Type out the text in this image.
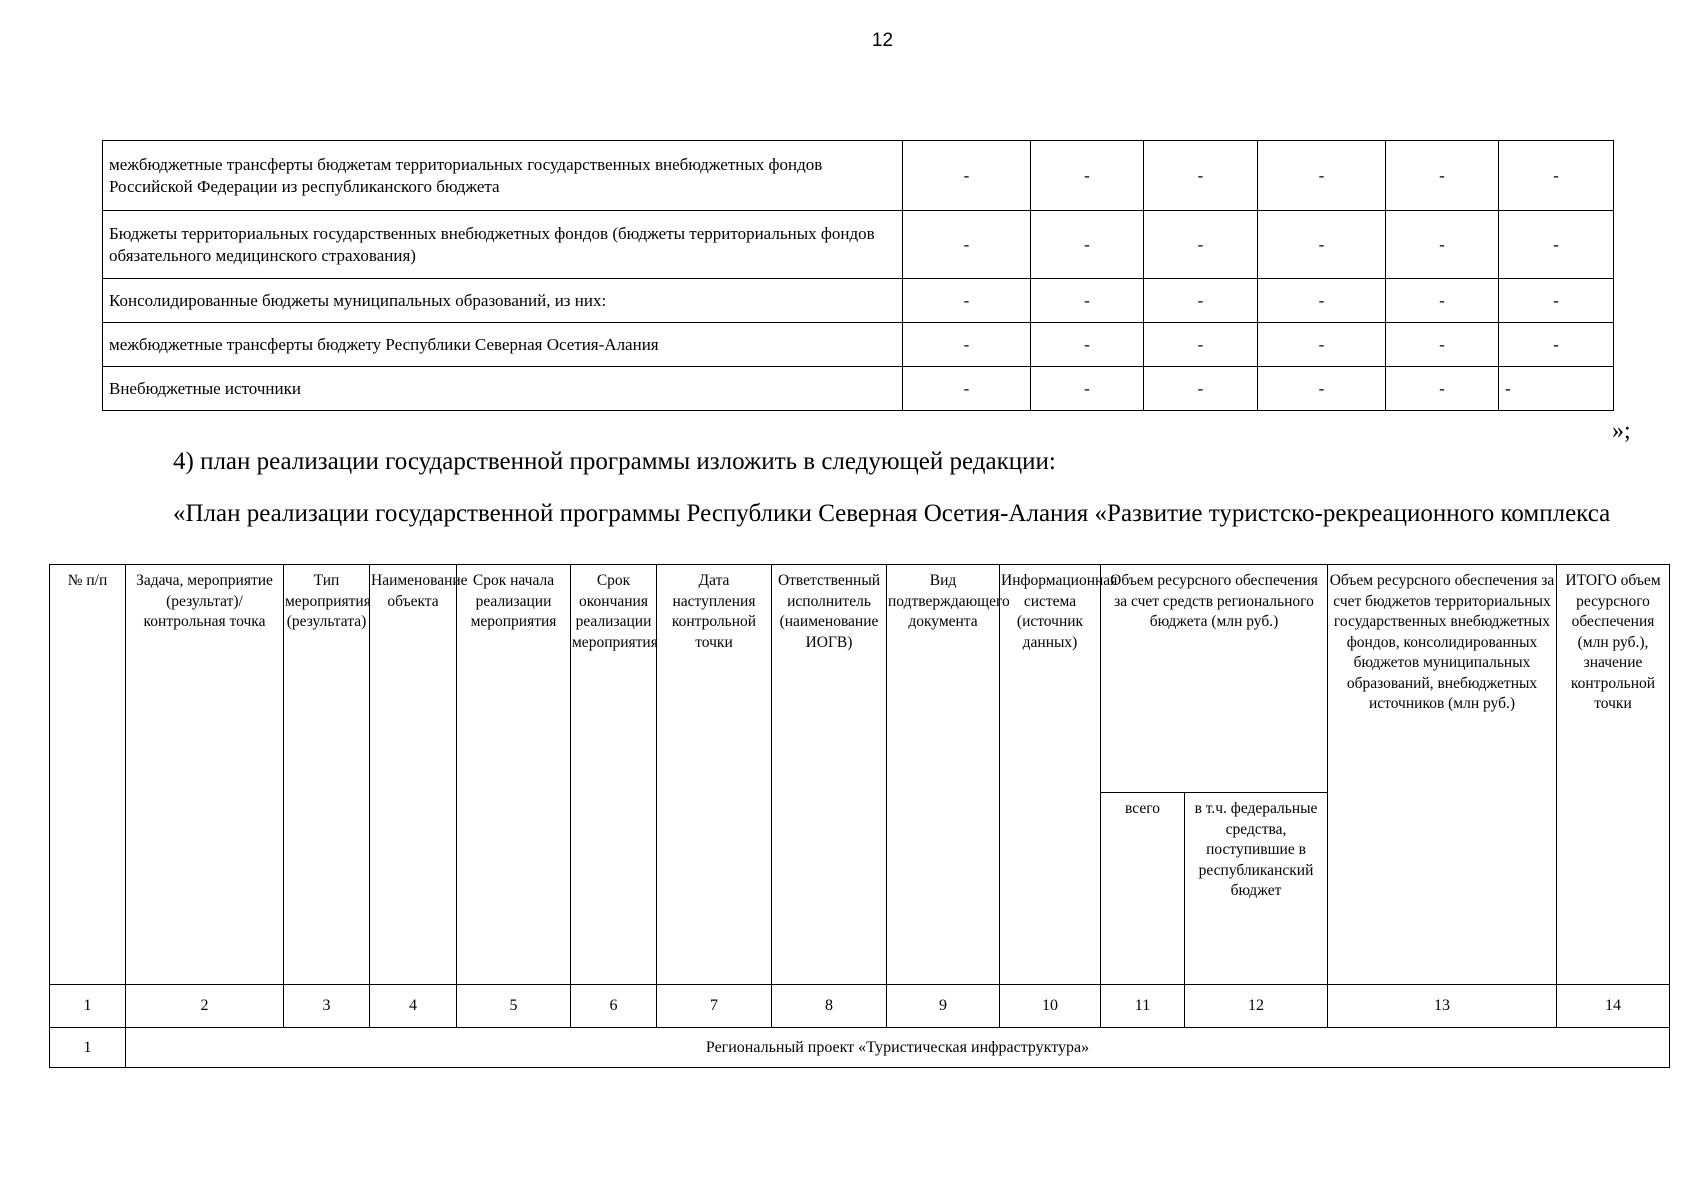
12
межбюджетные трансферты бюджетам территориальных государственных внебюджетных фондов Российской Федерации из республиканского бюджета	-	-	-	-	-	-
Бюджеты территориальных государственных внебюджетных фондов (бюджеты территориальных фондов обязательного медицинского страхования)	-	-	-	-	-	-
Консолидированные бюджеты муниципальных образований, из них:	-	-	-	-	-	-
межбюджетные трансферты бюджету Республики Северная Осетия-Алания	-	-	-	-	-	-
Внебюджетные источники	-	-	-	-	-	-
»;
4) план реализации государственной программы изложить в следующей редакции:

«План реализации государственной программы Республики Северная Осетия-Алания «Развитие туристско-рекреационного комплекса

№ п/п	Задача, мероприятие (результат)/ контрольная точка	Тип мероприятия (результата)	Наименование объекта	Срок начала реализации мероприятия	Срок окончания реализации мероприятия	Дата наступления контрольной точки	Ответственный исполнитель (наименование ИОГВ)	Вид подтверждающего документа	Информационная система (источник данных)	Объем ресурсного обеспечения за счет средств регионального бюджета (млн руб.)		Объем ресурсного обеспечения за счет бюджетов территориальных государственных внебюджетных фондов, консолидированных бюджетов муниципальных образований, внебюджетных источников (млн руб.)	ИТОГО объем ресурсного обеспечения (млн руб.), значение контрольной точки
										всего	в т.ч. федеральные средства, поступившие в республиканский бюджет		
1	2	3	4	5	6	7	8	9	10	11	12	13	14
1	Региональный проект «Туристическая инфраструктура»												
